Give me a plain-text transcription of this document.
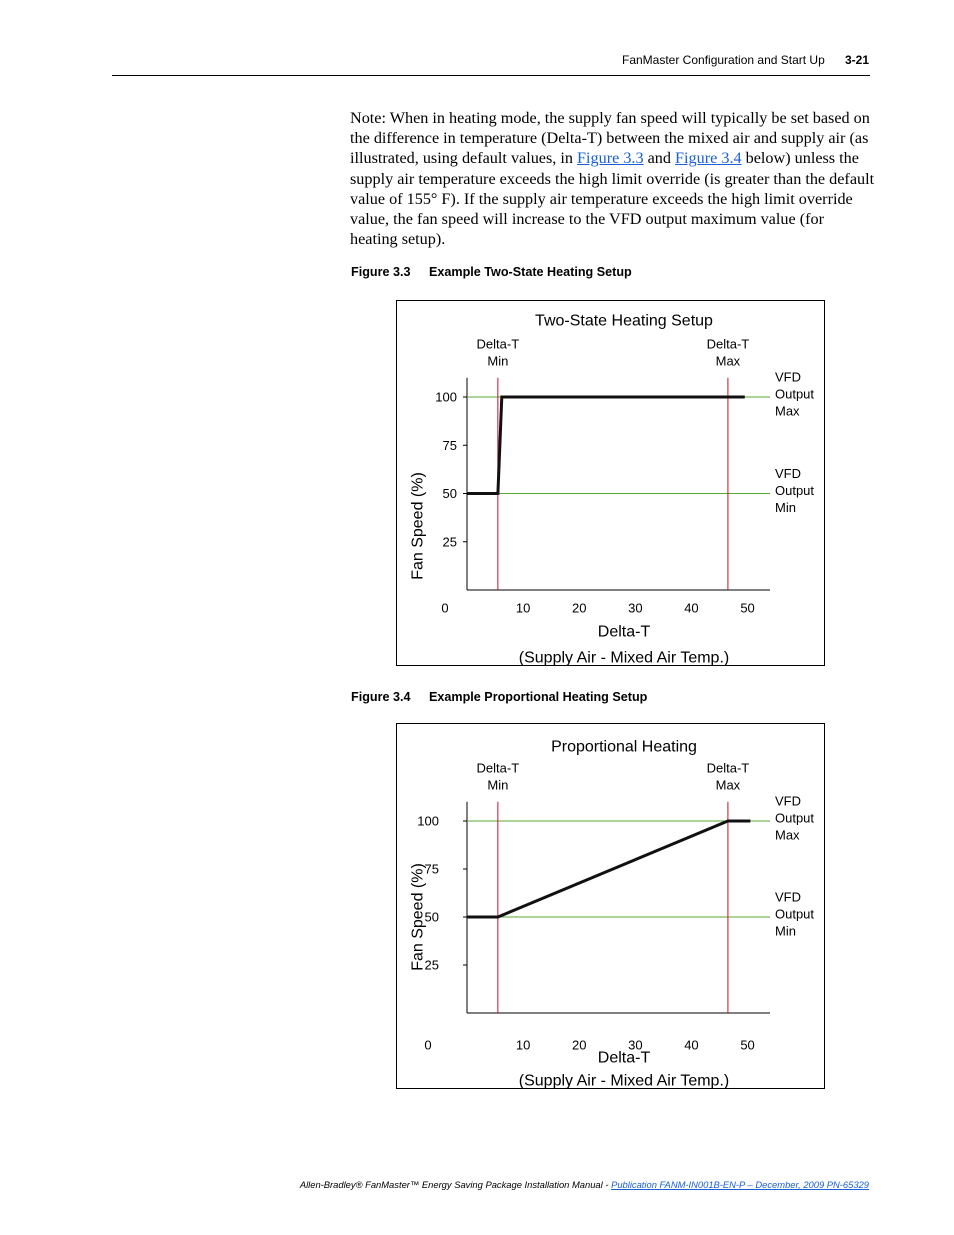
FanMaster Configuration and Start Up 3-21
Note: When in heating mode, the supply fan speed will typically be set based on the difference in temperature (Delta-T) between the mixed air and supply air (as illustrated, using default values, in Figure 3.3 and Figure 3.4 below) unless the supply air temperature exceeds the high limit override (is greater than the default value of 155° F). If the supply air temperature exceeds the high limit override value, the fan speed will increase to the VFD output maximum value (for heating setup).
Figure 3.3 Example Two-State Heating Setup
Two-State Heating Setup
25
50
75
100
0	10	20	30	40	50
Delta-T
(Supply Air - Mixed Air Temp.)
Fan Speed (%)
VFD
Output
Max
VFD
Output
Min
Delta-T
Min
Delta-T
Max
Figure 3.4 Example Proportional Heating Setup
Proportional Heating
25
50
75
100
0	10	20	30	40	50
Delta-T
(Supply Air - Mixed Air Temp.)
Fan Speed (%)
VFD
Output
Max
VFD
Output
Min
Delta-T
Min
Delta-T
Max
Allen-Bradley® FanMaster™ Energy Saving Package Installation Manual - Publication FANM-IN001B-EN-P – December, 2009 PN-65329
